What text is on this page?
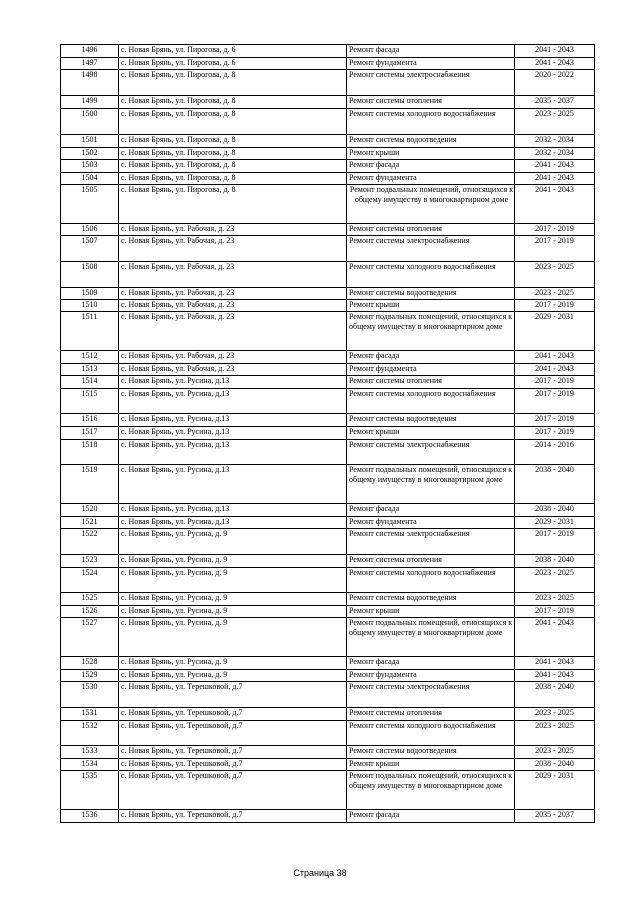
1496	с. Новая Брянь, ул. Пирогова, д. 6	Ремонт фасада	2041 - 2043
1497	с. Новая Брянь, ул. Пирогова, д. 6	Ремонт фундамента	2041 - 2043
1498	с. Новая Брянь, ул. Пирогова, д. 8	Ремонт системы электроснабжения	2020 - 2022
1499	с. Новая Брянь, ул. Пирогова, д. 8	Ремонт системы отопления	2035 - 2037
1500	с. Новая Брянь, ул. Пирогова, д. 8	Ремонт системы холодного водоснабжения	2023 - 2025
1501	с. Новая Брянь, ул. Пирогова, д. 8	Ремонт системы водоотведения	2032 - 2034
1502	с. Новая Брянь, ул. Пирогова, д. 8	Ремонт крыши	2032 - 2034
1503	с. Новая Брянь, ул. Пирогова, д. 8	Ремонт фасада	2041 - 2043
1504	с. Новая Брянь, ул. Пирогова, д. 8	Ремонт фундамента	2041 - 2043
1505	с. Новая Брянь, ул. Пирогова, д. 8	Ремонт подвальных помещений, относящихся к общему имуществу в многоквартирном доме	2041 - 2043
1506	с. Новая Брянь, ул. Рабочая, д. 23	Ремонт системы отопления	2017 - 2019
1507	с. Новая Брянь, ул. Рабочая, д. 23	Ремонт системы электроснабжения	2017 - 2019
1508	с. Новая Брянь, ул. Рабочая, д. 23	Ремонт системы холодного водоснабжения	2023 - 2025
1509	с. Новая Брянь, ул. Рабочая, д. 23	Ремонт системы водоотведения	2023 - 2025
1510	с. Новая Брянь, ул. Рабочая, д. 23	Ремонт крыши	2017 - 2019
1511	с. Новая Брянь, ул. Рабочая, д. 23	Ремонт подвальных помещений, относящихся к общему имуществу в многоквартирном доме	2029 - 2031
1512	с. Новая Брянь, ул. Рабочая, д. 23	Ремонт фасада	2041 - 2043
1513	с. Новая Брянь, ул. Рабочая, д. 23	Ремонт фундамента	2041 - 2043
1514	с. Новая Брянь, ул. Русина, д.13	Ремонт системы отопления	2017 - 2019
1515	с. Новая Брянь, ул. Русина, д.13	Ремонт системы холодного водоснабжения	2017 - 2019
1516	с. Новая Брянь, ул. Русина, д.13	Ремонт системы водоотведения	2017 - 2019
1517	с. Новая Брянь, ул. Русина, д.13	Ремонт крыши	2017 - 2019
1518	с. Новая Брянь, ул. Русина, д.13	Ремонт системы электроснабжения	2014 - 2016
1519	с. Новая Брянь, ул. Русина, д.13	Ремонт подвальных помещений, относящихся к общему имуществу в многоквартирном доме	2038 - 2040
1520	с. Новая Брянь, ул. Русина, д.13	Ремонт фасада	2038 - 2040
1521	с. Новая Брянь, ул. Русина, д.13	Ремонт фундамента	2029 - 2031
1522	с. Новая Брянь, ул. Русина, д. 9	Ремонт системы электроснабжения	2017 - 2019
1523	с. Новая Брянь, ул. Русина, д. 9	Ремонт системы отопления	2038 - 2040
1524	с. Новая Брянь, ул. Русина, д. 9	Ремонт системы холодного водоснабжения	2023 - 2025
1525	с. Новая Брянь, ул. Русина, д. 9	Ремонт системы водоотведения	2023 - 2025
1526	с. Новая Брянь, ул. Русина, д. 9	Ремонт крыши	2017 - 2019
1527	с. Новая Брянь, ул. Русина, д. 9	Ремонт подвальных помещений, относящихся к общему имуществу в многоквартирном доме	2041 - 2043
1528	с. Новая Брянь, ул. Русина, д. 9	Ремонт фасада	2041 - 2043
1529	с. Новая Брянь, ул. Русина, д. 9	Ремонт фундамента	2041 - 2043
1530	с. Новая Брянь, ул. Терешковой, д.7	Ремонт системы электроснабжения	2038 - 2040
1531	с. Новая Брянь, ул. Терешковой, д.7	Ремонт системы отопления	2023 - 2025
1532	с. Новая Брянь, ул. Терешковой, д.7	Ремонт системы холодного водоснабжения	2023 - 2025
1533	с. Новая Брянь, ул. Терешковой, д.7	Ремонт системы водоотведения	2023 - 2025
1534	с. Новая Брянь, ул. Терешковой, д.7	Ремонт крыши	2038 - 2040
1535	с. Новая Брянь, ул. Терешковой, д.7	Ремонт подвальных помещений, относящихся к общему имуществу в многоквартирном доме	2029 - 2031
1536	с. Новая Брянь, ул. Терешковой, д.7	Ремонт фасада	2035 - 2037
Страница 38
